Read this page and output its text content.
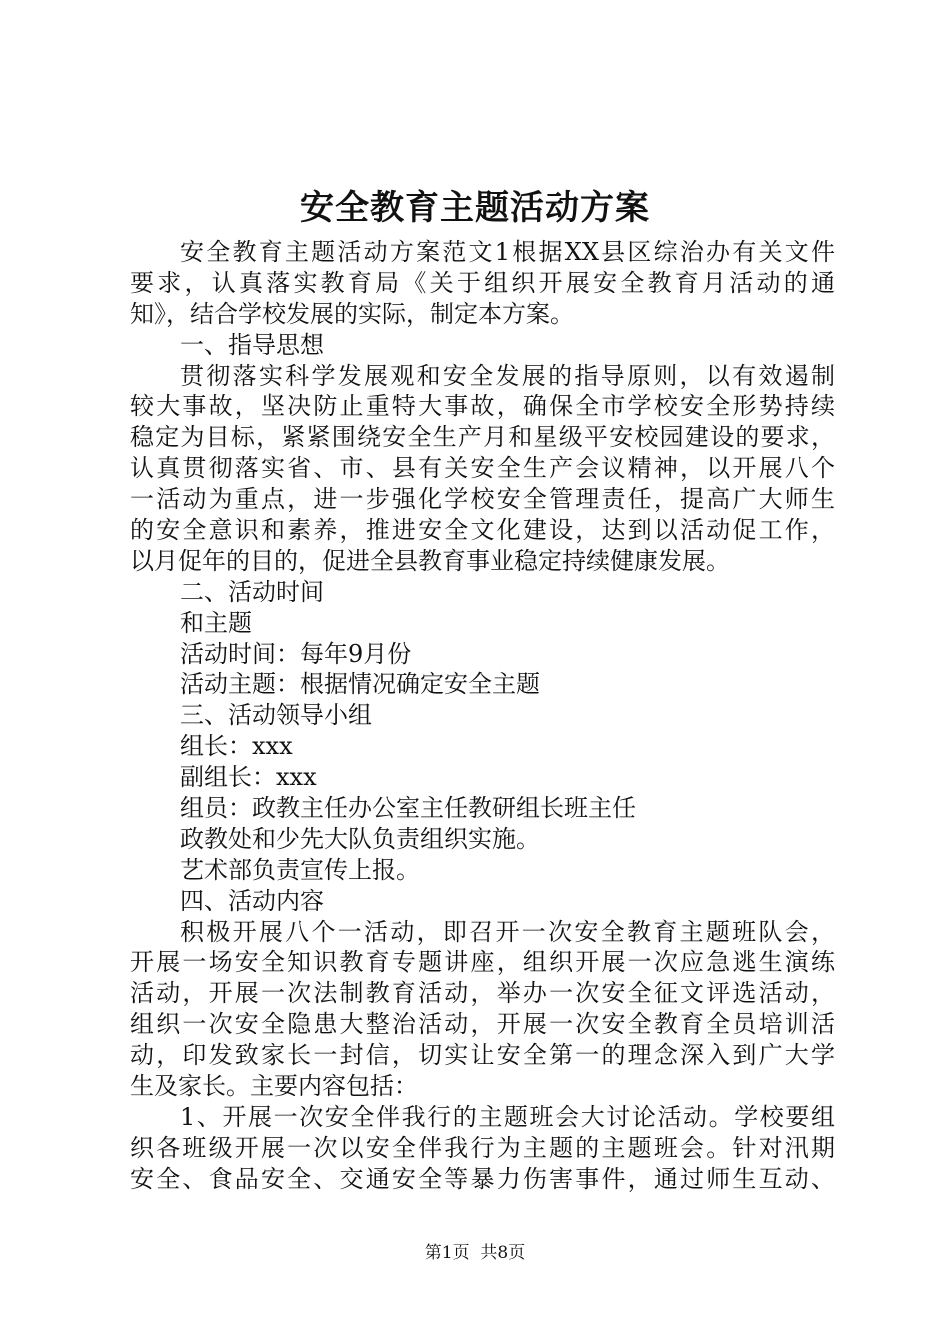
安全教育主题活动方案
安全教育主题活动方案范文1根据XX县区综治办有关文件
要求，认真落实教育局《关于组织开展安全教育月活动的通
知》，结合学校发展的实际，制定本方案。
一、指导思想
贯彻落实科学发展观和安全发展的指导原则，以有效遏制
较大事故，坚决防止重特大事故，确保全市学校安全形势持续
稳定为目标，紧紧围绕安全生产月和星级平安校园建设的要求，
认真贯彻落实省、市、县有关安全生产会议精神，以开展八个
一活动为重点，进一步强化学校安全管理责任，提高广大师生
的安全意识和素养，推进安全文化建设，达到以活动促工作，
以月促年的目的，促进全县教育事业稳定持续健康发展。
二、活动时间
和主题
活动时间：每年9月份
活动主题：根据情况确定安全主题
三、活动领导小组
组长：xxx
副组长：xxx
组员：政教主任办公室主任教研组长班主任
政教处和少先大队负责组织实施。
艺术部负责宣传上报。
四、活动内容
积极开展八个一活动，即召开一次安全教育主题班队会，
开展一场安全知识教育专题讲座，组织开展一次应急逃生演练
活动，开展一次法制教育活动，举办一次安全征文评选活动，
组织一次安全隐患大整治活动，开展一次安全教育全员培训活
动，印发致家长一封信，切实让安全第一的理念深入到广大学
生及家长。主要内容包括：
1、开展一次安全伴我行的主题班会大讨论活动。学校要组
织各班级开展一次以安全伴我行为主题的主题班会。针对汛期
安全、食品安全、交通安全等暴力伤害事件，通过师生互动、
第1页 共8页
